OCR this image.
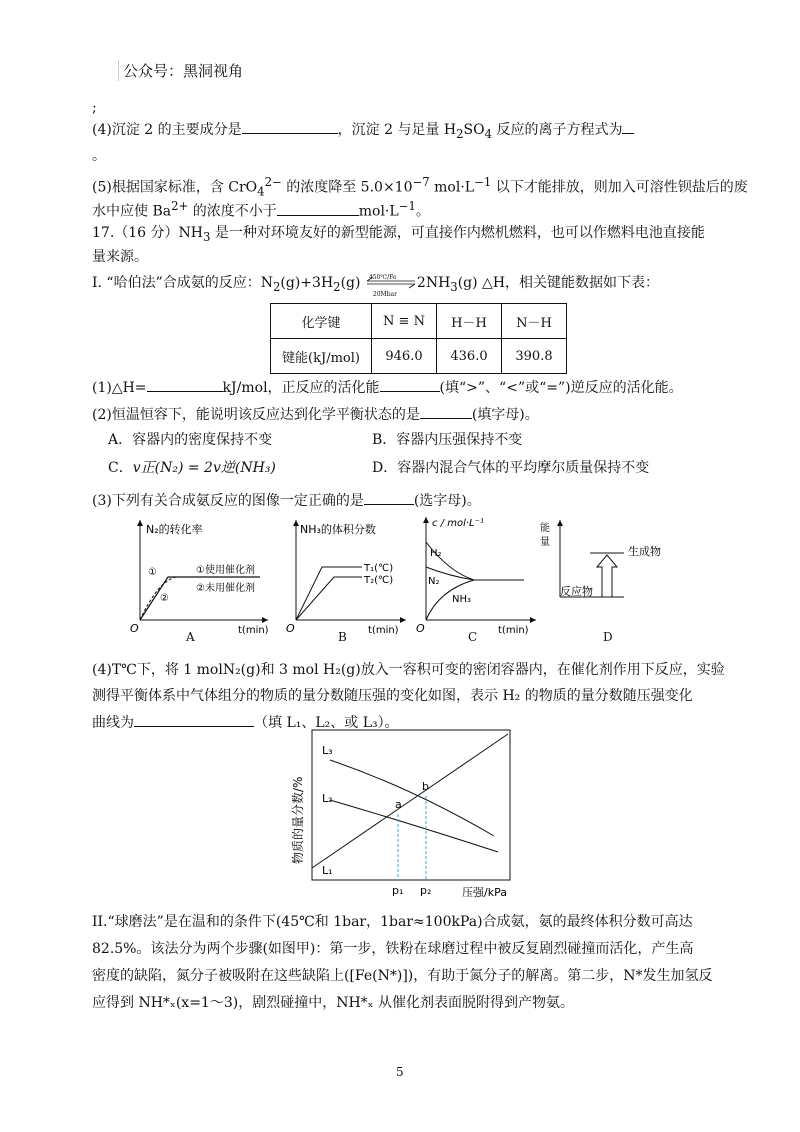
公众号：黑洞视角
;
(4)沉淀 2 的主要成分是	，沉淀 2 与足量 $H_2SO_4$ 反应的离子方程式为
。
(5)根据国家标准，含 CrO$_4^{2-}$ 的浓度降至 $5.0\times 10^{-7}$ $mol\cdot L^{-1}$ 以下才能排放，则加入可溶性钡盐后的废
水中应使 $Ba^{2+}$ 的浓度不小于	$mol\cdot L^{-1}$。
17.（16 分）$NH_3$ 是一种对环境友好的新型能源，可直接作内燃机燃料，也可以作燃料电池直接能
量来源。
Ⅰ. “哈伯法”合成氨的反应：$N_2(g)+3H_2(g)$ 450℃/Fe
20Mbar
$2NH_3(g)$ △H，相关键能数据如下表：
化学键	N ≡ N	H－H	N－H
键能(kJ/mol)	946.0	436.0	390.8
(1)△H=	kJ/mol，正反应的活化能	(填“>”、“<”或“=”)逆反应的活化能。
(2)恒温恒容下，能说明该反应达到化学平衡状态的是	(填字母)。
A．容器内的密度保持不变	B．容器内压强保持不变
C．v正(N₂) = 2v逆(NH₃)	D．容器内混合气体的平均摩尔质量保持不变
(3)下列有关合成氨反应的图像一定正确的是	(选字母)。
N₂的转化率
①
②
①使用催化剂
②未用催化剂
O	t(min)
A
NH₃的体积分数
T₁(℃)
T₂(℃)
O	t(min)
B
c / mol·L⁻¹
H₂
N₂
NH₃
O	t(min)
C
能
量
生成物
反应物
D
(4)T℃下，将 1 molN₂(g)和 3 mol H₂(g)放入一容积可变的密闭容器内，在催化剂作用下反应，实验
测得平衡体系中气体组分的物质的量分数随压强的变化如图，表示 H₂ 的物质的量分数随压强变化
曲线为	（填 L₁、L₂、或 L₃）。
物质的量分数/%
L₃
L₂
L₁
a
b
p₁ p₂	压强/kPa
II.“球磨法”是在温和的条件下(45℃和 1bar，1bar≈100kPa)合成氨，氨的最终体积分数可高达
82.5%。该法分为两个步骤(如图甲)：第一步，铁粉在球磨过程中被反复剧烈碰撞而活化，产生高
密度的缺陷，氮分子被吸附在这些缺陷上([Fe(N*)])，有助于氮分子的解离。第二步，N*发生加氢反
应得到 NH*ₓ(x=1～3)，剧烈碰撞中，NH*ₓ 从催化剂表面脱附得到产物氨。
5
